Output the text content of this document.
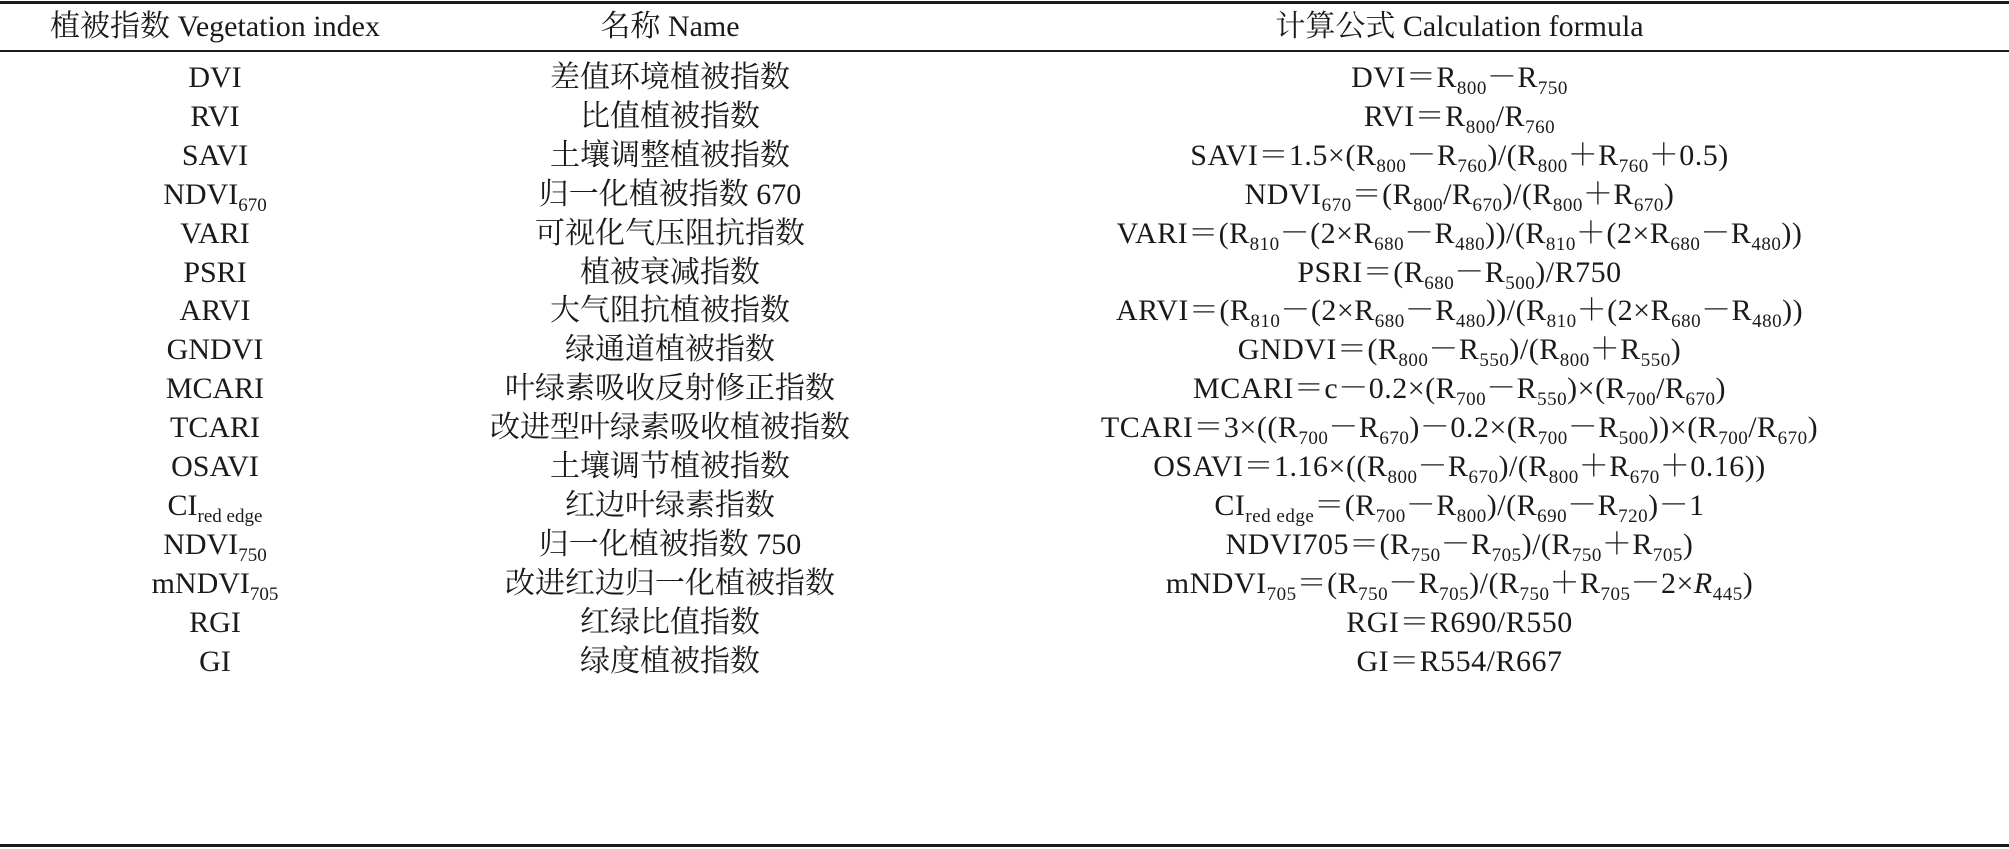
植被指数 Vegetation index	名称 Name	计算公式 Calculation formula
DVI	差值环境植被指数	$DVI=R_{800}-R_{750}$
RVI	比值植被指数	$RVI=R_{800}/R_{760}$
SAVI	土壤调整植被指数	$SAVI=1.5\times(R_{800}-R_{760})/(R_{800}+R_{760}+0.5)$
$NDVI_{670}$	归一化植被指数 670	$NDVI_{670}=(R_{800}/R_{670})/(R_{800}+R_{670})$
VARI	可视化气压阻抗指数	$VARI=(R_{810}-(2\times R_{680}-R_{480}))/(R_{810}+(2\times R_{680}-R_{480}))$
PSRI	植被衰减指数	$PSRI=(R_{680}-R_{500})/R750$
ARVI	大气阻抗植被指数	$ARVI=(R_{810}-(2\times R_{680}-R_{480}))/(R_{810}+(2\times R_{680}-R_{480}))$
GNDVI	绿通道植被指数	$GNDVI=(R_{800}-R_{550})/(R_{800}+R_{550})$
MCARI	叶绿素吸收反射修正指数	$MCARI=c-0.2\times(R_{700}-R_{550})\times(R_{700}/R_{670})$
TCARI	改进型叶绿素吸收植被指数	$TCARI=3\times((R_{700}-R_{670})-0.2\times(R_{700}-R_{500}))\times(R_{700}/R_{670})$
OSAVI	土壤调节植被指数	$OSAVI=1.16\times((R_{800}-R_{670})/(R_{800}+R_{670}+0.16))$
$CI_{red edge}$	红边叶绿素指数	$CI_{red edge}=(R_{700}-R_{800})/(R_{690}-R_{720})-1$
$NDVI_{750}$	归一化植被指数 750	$NDVI705=(R_{750}-R_{705})/(R_{750}+R_{705})$
mNDVI$_{705}$	改进红边归一化植被指数	$mNDVI_{705}=(R_{750}-R_{705})/(R_{750}+R_{705}-2\times R_{445})$
RGI	红绿比值指数	RGI＝R690/R550
GI	绿度植被指数	GI＝R554/R667
